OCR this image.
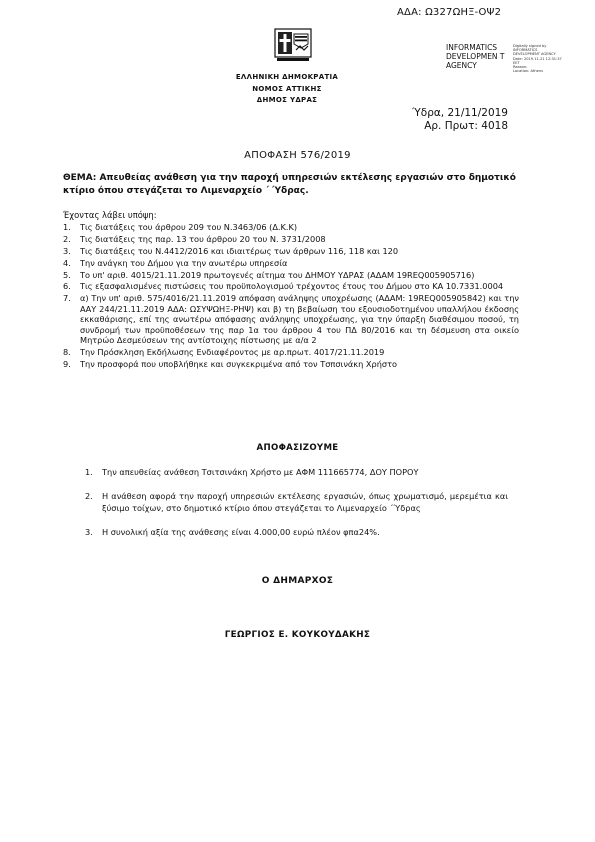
ΑΔΑ: Ω327ΩΗΞ-ΟΨ2
INFORMATICS DEVELOPMEN T AGENCY
Digitally signed by
INFORMATICS
DEVELOPMENT AGENCY
Date: 2019.11.21 12:31:37
EET
Reason:
Location: Athens
ΕΛΛΗΝΙΚΗ ΔΗΜΟΚΡΑΤΙΑ
ΝΟΜΟΣ ΑΤΤΙΚΗΣ
ΔΗΜΟΣ ΥΔΡΑΣ
Ύδρα, 21/11/2019
Αρ. Πρωτ: 4018
ΑΠΟΦΑΣΗ 576/2019
ΘΕΜΑ: Απευθείας ανάθεση για την παροχή υπηρεσιών εκτέλεσης εργασιών στο δημοτικό κτίριο όπου στεγάζεται το Λιμεναρχείο ΄ Ύδρας.
Έχοντας λάβει υπόψη:
1.	Τις διατάξεις του άρθρου 209 του Ν.3463/06 (Δ.Κ.Κ)
2.	Τις διατάξεις της παρ. 13 του άρθρου 20 του Ν. 3731/2008
3.	Τις διατάξεις του Ν.4412/2016 και ιδιαιτέρως των άρθρων 116, 118 και 120
4.	Την ανάγκη του Δήμου για την ανωτέρω υπηρεσία
5.	Το υπ' αριθ. 4015/21.11.2019 πρωτογενές αίτημα του ΔΗΜΟΥ ΥΔΡΑΣ (ΑΔΑΜ 19REQ005905716)
6.	Τις εξασφαλισμένες πιστώσεις του προϋπολογισμού τρέχοντος έτους του Δήμου στο ΚΑ 10.7331.0004
7.	α) Την υπ' αριθ. 575/4016/21.11.2019 απόφαση ανάληψης υποχρέωσης (ΑΔΑΜ: 19REQ005905842) και την ΑΑΥ 244/21.11.2019 ΑΔΑ: ΩΣΥΨΩΗΞ-ΡΗΨ) και β) τη βεβαίωση του εξουσιοδοτημένου υπαλλήλου έκδοσης εκκαθάρισης, επί της ανωτέρω απόφασης ανάληψης υποχρέωσης, για την ύπαρξη διαθέσιμου ποσού, τη συνδρομή των προϋποθέσεων της παρ 1α του άρθρου 4 του ΠΔ 80/2016 και τη δέσμευση στα οικείο Μητρώο Δεσμεύσεων της αντίστοιχης πίστωσης με α/α 2
8.	Την Πρόσκληση Εκδήλωσης Ενδιαφέροντος με αρ.πρωτ. 4017/21.11.2019
9.	Την προσφορά που υποβλήθηκε και συγκεκριμένα από τον Τσπσινάκη Χρήστο
ΑΠΟΦΑΣΙΖΟΥΜΕ
1.	Την απευθείας ανάθεση Τσιτσινάκη Χρήστο με ΑΦΜ 111665774, ΔΟΥ ΠΟΡΟΥ
2.	Η ανάθεση αφορά την παροχή υπηρεσιών εκτέλεσης εργασιών, όπως χρωματισμό, μερεμέτια και ξύσιμο τοίχων, στο δημοτικό κτίριο όπου στεγάζεται το Λιμεναρχείο ΄Ύδρας
3.	Η συνολική αξία της ανάθεσης είναι 4.000,00 ευρώ πλέον φπα24%.
Ο ΔΗΜΑΡΧΟΣ
ΓΕΩΡΓΙΟΣ Ε. ΚΟΥΚΟΥΔΑΚΗΣ
